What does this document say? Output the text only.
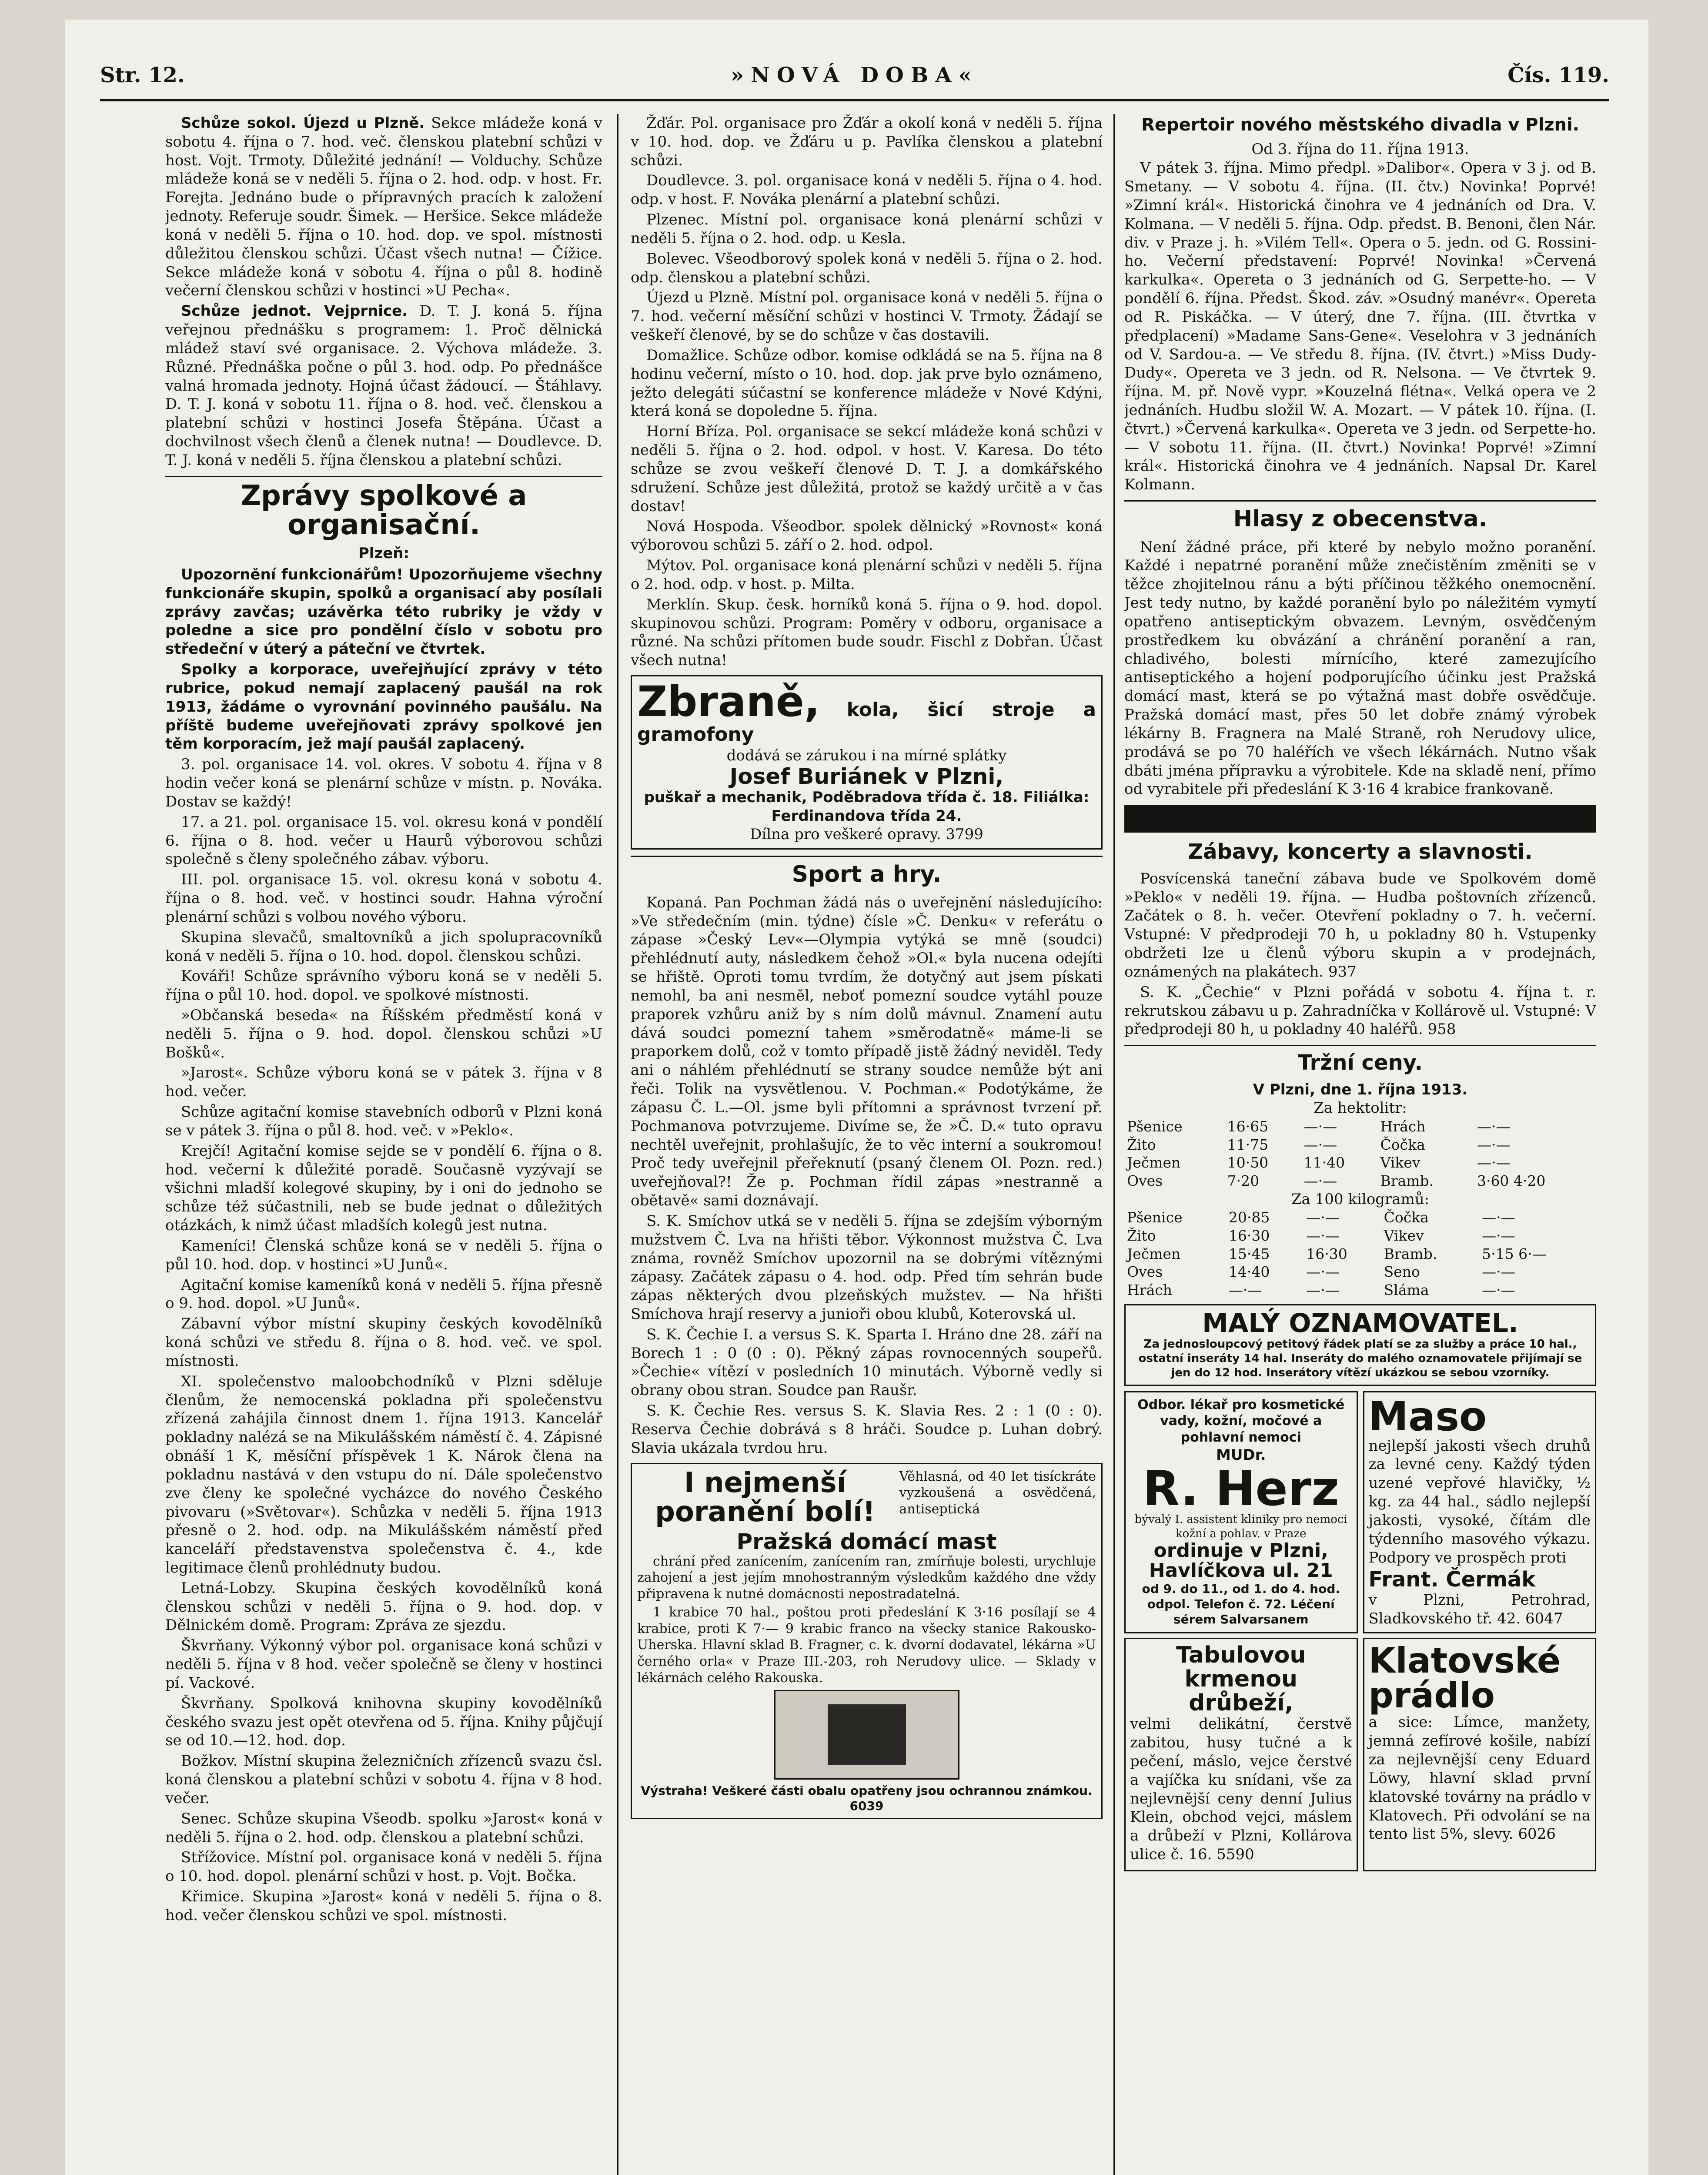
Str. 12.	»NOVÁ DOBA«	Čís. 119.

Schůze sokol. Újezd u Plzně. Sekce mládeže koná v sobotu 4. října o 7. hod. več. členskou platební schůzi v host. Vojt. Trmoty. Důležité jednání! — Volduchy. Schůze mládeže koná se v neděli 5. října o 2. hod. odp. v host. Fr. Forejta. Jednáno bude o přípravných pracích k založení jednoty. Referuje soudr. Šimek. — Heršice. Sekce mládeže koná v neděli 5. října o 10. hod. dop. ve spol. místnosti důležitou členskou schůzi. Účast všech nutna! — Čížice. Sekce mládeže koná v sobotu 4. října o půl 8. hodině večerní členskou schůzi v hostinci »U Pecha«.

Schůze jednot. Vejprnice. D. T. J. koná 5. října veřejnou přednášku s programem: 1. Proč dělnická mládež staví své organisace. 2. Výchova mládeže. 3. Různé. Přednáška počne o půl 3. hod. odp. Po přednášce valná hromada jednoty. Hojná účast žádoucí. — Štáhlavy. D. T. J. koná v sobotu 11. října o 8. hod. več. členskou a platební schůzi v hostinci Josefa Štěpána. Účast a dochvilnost všech členů a členek nutna! — Doudlevce. D. T. J. koná v neděli 5. října členskou a platební schůzi.

Zprávy spolkové a organisační.
Plzeň:

Upozornění funkcionářům! Upozorňujeme všechny funkcionáře skupin, spolků a organisací aby posílali zprávy zavčas; uzávěrka této rubriky je vždy v poledne a sice pro pondělní číslo v sobotu pro středeční v úterý a páteční ve čtvrtek.

Spolky a korporace, uveřejňující zprávy v této rubrice, pokud nemají zaplacený paušál na rok 1913, žádáme o vyrovnání povinného paušálu. Na příště budeme uveřejňovati zprávy spolkové jen těm korporacím, jež mají paušál zaplacený.

3. pol. organisace 14. vol. okres. V sobotu 4. října v 8 hodin večer koná se plenární schůze v místn. p. Nováka. Dostav se každý!

17. a 21. pol. organisace 15. vol. okresu koná v pondělí 6. října o 8. hod. večer u Haurů výborovou schůzi společně s členy společného zábav. výboru.

III. pol. organisace 15. vol. okresu koná v sobotu 4. října o 8. hod. več. v hostinci soudr. Hahna výroční plenární schůzi s volbou nového výboru.

Skupina slevačů, smaltovníků a jich spolupracovníků koná v neděli 5. října o 10. hod. dopol. členskou schůzi.

Kováři! Schůze správního výboru koná se v neděli 5. října o půl 10. hod. dopol. ve spolkové místnosti.

»Občanská beseda« na Říšském předměstí koná v neděli 5. října o 9. hod. dopol. členskou schůzi »U Bošků«.

»Jarost«. Schůze výboru koná se v pátek 3. října v 8 hod. večer.

Schůze agitační komise stavebních odborů v Plzni koná se v pátek 3. října o půl 8. hod. več. v »Peklo«.

Krejčí! Agitační komise sejde se v pondělí 6. října o 8. hod. večerní k důležité poradě. Současně vyzývají se všichni mladší kolegové skupiny, by i oni do jednoho se schůze též súčastnili, neb se bude jednat o důležitých otázkách, k nimž účast mladších kolegů jest nutna.

Kameníci! Členská schůze koná se v neděli 5. října o půl 10. hod. dop. v hostinci »U Junů«.

Agitační komise kameníků koná v neděli 5. října přesně o 9. hod. dopol. »U Junů«.

Zábavní výbor místní skupiny českých kovodělníků koná schůzi ve středu 8. října o 8. hod. več. ve spol. místnosti.

XI. společenstvo maloobchodníků v Plzni sděluje členům, že nemocenská pokladna při společenstvu zřízená zahájila činnost dnem 1. října 1913. Kancelář pokladny nalézá se na Mikulášském náměstí č. 4. Zápisné obnáší 1 K, měsíční příspěvek 1 K. Nárok člena na pokladnu nastává v den vstupu do ní. Dále společenstvo zve členy ke společné vycházce do nového Českého pivovaru (»Světovar«). Schůzka v neděli 5. října 1913 přesně o 2. hod. odp. na Mikulášském náměstí před kanceláří představenstva společenstva č. 4., kde legitimace členů prohlédnuty budou.

Letná-Lobzy. Skupina českých kovodělníků koná členskou schůzi v neděli 5. října o 9. hod. dop. v Dělnickém domě. Program: Zpráva ze sjezdu.

Škvrňany. Výkonný výbor pol. organisace koná schůzi v neděli 5. října v 8 hod. večer společně se členy v hostinci pí. Vackové.

Škvrňany. Spolková knihovna skupiny kovodělníků českého svazu jest opět otevřena od 5. října. Knihy půjčují se od 10.—12. hod. dop.

Božkov. Místní skupina železničních zřízenců svazu čsl. koná členskou a platební schůzi v sobotu 4. října v 8 hod. večer.

Senec. Schůze skupina Všeodb. spolku »Jarost« koná v neděli 5. října o 2. hod. odp. členskou a platební schůzi.

Střížovice. Místní pol. organisace koná v neděli 5. října o 10. hod. dopol. plenární schůzi v host. p. Vojt. Bočka.

Křimice. Skupina »Jarost« koná v neděli 5. října o 8. hod. večer členskou schůzi ve spol. místnosti.

Žďár. Pol. organisace pro Žďár a okolí koná v neděli 5. října v 10. hod. dop. ve Žďáru u p. Pavlíka členskou a platební schůzi.

Doudlevce. 3. pol. organisace koná v neděli 5. října o 4. hod. odp. v host. F. Nováka plenární a platební schůzi.

Plzenec. Místní pol. organisace koná plenární schůzi v neděli 5. října o 2. hod. odp. u Kesla.

Bolevec. Všeodborový spolek koná v neděli 5. října o 2. hod. odp. členskou a platební schůzi.

Újezd u Plzně. Místní pol. organisace koná v neděli 5. října o 7. hod. večerní měsíční schůzi v hostinci V. Trmoty. Žádají se veškeří členové, by se do schůze v čas dostavili.

Domažlice. Schůze odbor. komise odkládá se na 5. října na 8 hodinu večerní, místo o 10. hod. dop. jak prve bylo oznámeno, ježto delegáti súčastní se konference mládeže v Nové Kdýni, která koná se dopoledne 5. října.

Horní Bříza. Pol. organisace se sekcí mládeže koná schůzi v neděli 5. října o 2. hod. odpol. v host. V. Karesa. Do této schůze se zvou veškeří členové D. T. J. a domkářského sdružení. Schůze jest důležitá, protož se každý určitě a v čas dostav!

Nová Hospoda. Všeodbor. spolek dělnický »Rovnost« koná výborovou schůzi 5. září o 2. hod. odpol.

Mýtov. Pol. organisace koná plenární schůzi v neděli 5. října o 2. hod. odp. v host. p. Milta.

Merklín. Skup. česk. horníků koná 5. října o 9. hod. dopol. skupinovou schůzi. Program: Poměry v odboru, organisace a různé. Na schůzi přítomen bude soudr. Fischl z Dobřan. Účast všech nutna!

Zbraně, kola, šicí stroje a gramofony
dodává se zárukou i na mírné splátky
Josef Buriánek v Plzni,
puškař a mechanik, Poděbradova třída č. 18. Filiálka: Ferdinandova třída 24.
Dílna pro veškeré opravy. 3799
Sport a hry.

Kopaná. Pan Pochman žádá nás o uveřejnění následujícího: »Ve středečním (min. týdne) čísle »Č. Denku« v referátu o zápase »Český Lev«—Olympia vytýká se mně (soudci) přehlédnutí auty, následkem čehož »Ol.« byla nucena odejíti se hřiště. Oproti tomu tvrdím, že dotyčný aut jsem pískati nemohl, ba ani nesměl, neboť pomezní soudce vytáhl pouze praporek vzhůru aniž by s ním dolů mávnul. Znamení autu dává soudci pomezní tahem »směrodatně« máme-li se praporkem dolů, což v tomto případě jistě žádný neviděl. Tedy ani o náhlém přehlédnutí se strany soudce nemůže být ani řeči. Tolik na vysvětlenou. V. Pochman.« Podotýkáme, že zápasu Č. L.—Ol. jsme byli přítomni a správnost tvrzení př. Pochmanova potvrzujeme. Divíme se, že »Č. D.« tuto opravu nechtěl uveřejnit, prohlašujíc, že to věc interní a soukromou! Proč tedy uveřejnil přeřeknutí (psaný členem Ol. Pozn. red.) uveřejňoval?! Že p. Pochman řídil zápas »nestranně a obětavě« sami doznávají.

S. K. Smíchov utká se v neděli 5. října se zdejším výborným mužstvem Č. Lva na hřišti těbor. Výkonnost mužstva Č. Lva známa, rovněž Smíchov upozornil na se dobrými vítěznými zápasy. Začátek zápasu o 4. hod. odp. Před tím sehrán bude zápas některých dvou plzeňských mužstev. — Na hřišti Smíchova hrají reservy a junioři obou klubů, Koterovská ul.

S. K. Čechie I. a versus S. K. Sparta I. Hráno dne 28. září na Borech 1 : 0 (0 : 0). Pěkný zápas rovnocenných soupeřů. »Čechie« vítězí v posledních 10 minutách. Výborně vedly si obrany obou stran. Soudce pan Raušr.

S. K. Čechie Res. versus S. K. Slavia Res. 2 : 1 (0 : 0). Reserva Čechie dobrává s 8 hráči. Soudce p. Luhan dobrý. Slavia ukázala tvrdou hru.

I nejmenší poranění bolí!
Věhlasná, od 40 let tisíckráte vyzkoušená a osvědčená, antiseptická
Pražská domácí mast

chrání před zanícením, zanícením ran, zmírňuje bolesti, urychluje zahojení a jest jejím mnohostranným výsledkům každého dne vždy připravena k nutné domácnosti nepostradatelná.

1 krabice 70 hal., poštou proti předeslání K 3·16 posílají se 4 krabice, proti K 7·— 9 krabic franco na všecky stanice Rakousko-Uherska. Hlavní sklad B. Fragner, c. k. dvorní dodavatel, lékárna »U černého orla« v Praze III.-203, roh Nerudovy ulice. — Sklady v lékárnách celého Rakouska.

Výstraha! Veškeré části obalu opatřeny jsou ochrannou známkou. 6039
Repertoir nového městského divadla v Plzni.
Od 3. října do 11. října 1913.

V pátek 3. října. Mimo předpl. »Dalibor«. Opera v 3 j. od B. Smetany. — V sobotu 4. října. (II. čtv.) Novinka! Poprvé! »Zimní král«. Historická činohra ve 4 jednáních od Dra. V. Kolmana. — V neděli 5. října. Odp. předst. B. Benoni, člen Nár. div. v Praze j. h. »Vilém Tell«. Opera o 5. jedn. od G. Rossini-ho. Večerní představení: Poprvé! Novinka! »Červená karkulka«. Opereta o 3 jednáních od G. Serpette-ho. — V pondělí 6. října. Předst. Škod. záv. »Osudný manévr«. Opereta od R. Piskáčka. — V úterý, dne 7. října. (III. čtvrtka v předplacení) »Madame Sans-Gene«. Veselohra v 3 jednáních od V. Sardou-a. — Ve středu 8. října. (IV. čtvrt.) »Miss Dudy-Dudy«. Opereta ve 3 jedn. od R. Nelsona. — Ve čtvrtek 9. října. M. př. Nově vypr. »Kouzelná flétna«. Velká opera ve 2 jednáních. Hudbu složil W. A. Mozart. — V pátek 10. října. (I. čtvrt.) »Červená karkulka«. Opereta ve 3 jedn. od Serpette-ho. — V sobotu 11. října. (II. čtvrt.) Novinka! Poprvé! »Zimní král«. Historická činohra ve 4 jednáních. Napsal Dr. Karel Kolmann.

Hlasy z obecenstva.

Není žádné práce, při které by nebylo možno poranění. Každé i nepatrné poranění může znečistěním změniti se v těžce zhojitelnou ránu a býti příčinou těžkého onemocnění. Jest tedy nutno, by každé poranění bylo po náležitém vymytí opatřeno antiseptickým obvazem. Levným, osvědčeným prostředkem ku obvázání a chránění poranění a ran, chladivého, bolesti mírnícího, které zamezujícího antiseptického a hojení podporujícího účinku jest Pražská domácí mast, která se po výtažná mast dobře osvědčuje. Pražská domácí mast, přes 50 let dobře známý výrobek lékárny B. Fragnera na Malé Straně, roh Nerudovy ulice, prodává se po 70 haléřích ve všech lékárnách. Nutno však dbáti jména přípravku a výrobitele. Kde na skladě není, přímo od vyrabitele při předeslání K 3·16 4 krabice frankovaně.

Zábavy, koncerty a slavnosti.

Posvícenská taneční zábava bude ve Spolkovém domě »Peklo« v neděli 19. října. — Hudba poštovních zřízenců. Začátek o 8. h. večer. Otevření pokladny o 7. h. večerní. Vstupné: V předprodeji 70 h, u pokladny 80 h. Vstupenky obdržeti lze u členů výboru skupin a v prodejnách, oznámených na plakátech. 937

S. K. „Čechie“ v Plzni pořádá v sobotu 4. října t. r. rekrutskou zábavu u p. Zahradníčka v Kollárově ul. Vstupné: V předprodeji 80 h, u pokladny 40 haléřů. 958

Tržní ceny.
V Plzni, dne 1. října 1913.
Za hektolitr:
Pšenice	16·65	—·—	Hrách	—·—
Žito	11·75	—·—	Čočka	—·—
Ječmen	10·50	11·40	Vikev	—·—
Oves	7·20	—·—	Bramb.	3·60 4·20
Za 100 kilogramů:
Pšenice	20·85	—·—	Čočka	—·—
Žito	16·30	—·—	Vikev	—·—
Ječmen	15·45	16·30	Bramb.	5·15 6·—
Oves	14·40	—·—	Seno	—·—
Hrách	—·—	—·—	Sláma	—·—
MALÝ OZNAMOVATEL.
Za jednosloupcový petitový řádek platí se za služby a práce 10 hal., ostatní inseráty 14 hal. Inseráty do malého oznamovatele přijímají se jen do 12 hod. Inserátory vítězí ukázkou se sebou vzorníky.
Odbor. lékař pro kosmetické vady, kožní, močové a pohlavní nemoci
MUDr.
R. Herz
bývalý I. assistent kliniky pro nemoci kožní a pohlav. v Praze
ordinuje v Plzni, Havlíčkova ul. 21
od 9. do 11., od 1. do 4. hod. odpol. Telefon č. 72. Léčení sérem Salvarsanem
Maso

nejlepší jakosti všech druhů za levné ceny. Každý týden uzené vepřové hlavičky, ½ kg. za 44 hal., sádlo nejlepší jakosti, vysoké, čítám dle týdenního masového výkazu. Podpory ve prospěch proti

Frant. Čermák
v Plzni, Petrohrad, Sladkovského tř. 42. 6047
Tabulovou krmenou drůbeží,

velmi delikátní, čerstvě zabitou, husy tučné a k pečení, máslo, vejce čerstvé a vajíčka ku snídani, vše za nejlevnější ceny denní Julius Klein, obchod vejci, máslem a drůbeží v Plzni, Kollárova ulice č. 16. 5590

Klatovské prádlo

a sice: Límce, manžety, jemná zefírové košile, nabízí za nejlevnější ceny Eduard Löwy, hlavní sklad první klatovské továrny na prádlo v Klatovech. Při odvolání se na tento list 5%, slevy. 6026
